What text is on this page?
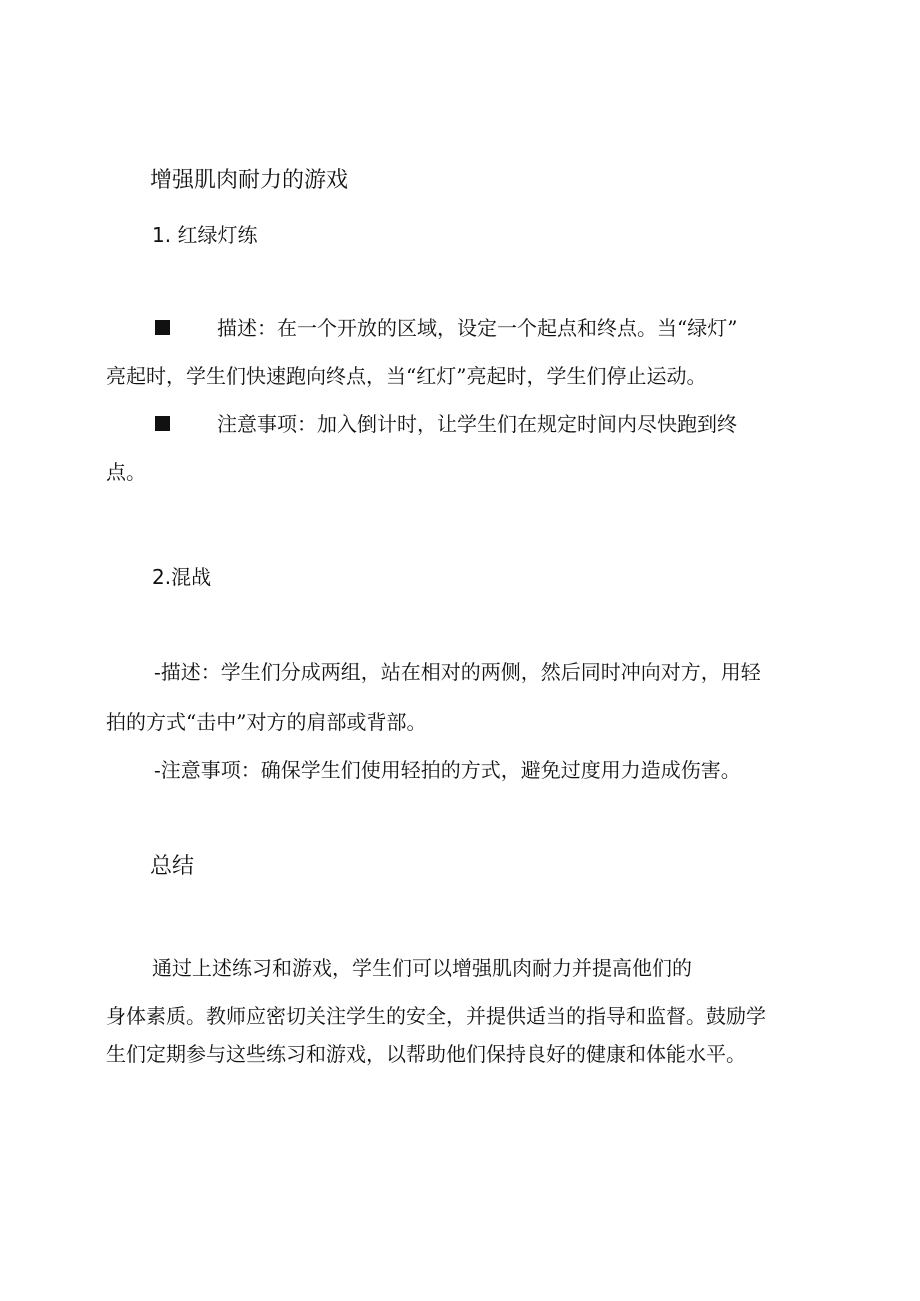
增强肌肉耐力的游戏
1. 红绿灯练
描述：在一个开放的区域，设定一个起点和终点。当“绿灯”
亮起时，学生们快速跑向终点，当“红灯”亮起时，学生们停止运动。
注意事项：加入倒计时，让学生们在规定时间内尽快跑到终
点。
2.混战
-描述：学生们分成两组，站在相对的两侧，然后同时冲向对方，用轻
拍的方式“击中”对方的肩部或背部。
-注意事项：确保学生们使用轻拍的方式，避免过度用力造成伤害。
总结
通过上述练习和游戏，学生们可以增强肌肉耐力并提高他们的
身体素质。教师应密切关注学生的安全，并提供适当的指导和监督。鼓励学
生们定期参与这些练习和游戏，以帮助他们保持良好的健康和体能水平。
